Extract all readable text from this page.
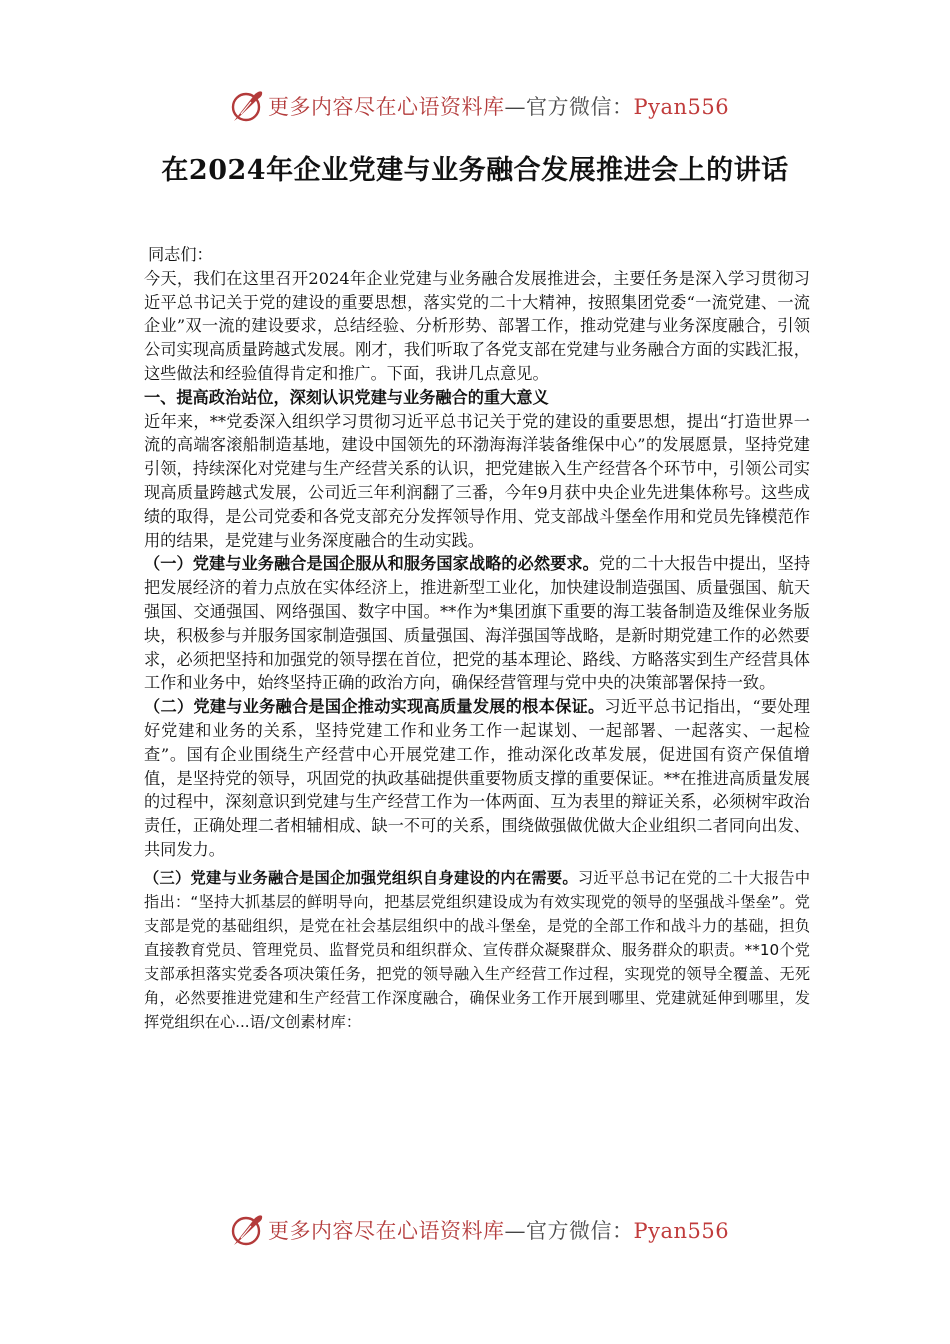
更多内容尽在心语资料库—官方微信：Pyan556
在2024年企业党建与业务融合发展推进会上的讲话

同志们：

今天，我们在这里召开2024年企业党建与业务融合发展推进会，主要任务是深入学习贯彻习近平总书记关于党的建设的重要思想，落实党的二十大精神，按照集团党委“一流党建、一流企业”双一流的建设要求，总结经验、分析形势、部署工作，推动党建与业务深度融合，引领公司实现高质量跨越式发展。刚才，我们听取了各党支部在党建与业务融合方面的实践汇报，这些做法和经验值得肯定和推广。下面，我讲几点意见。

一、提高政治站位，深刻认识党建与业务融合的重大意义

近年来，**党委深入组织学习贯彻习近平总书记关于党的建设的重要思想，提出“打造世界一流的高端客滚船制造基地，建设中国领先的环渤海海洋装备维保中心”的发展愿景，坚持党建引领，持续深化对党建与生产经营关系的认识，把党建嵌入生产经营各个环节中，引领公司实现高质量跨越式发展，公司近三年利润翻了三番，今年9月获中央企业先进集体称号。这些成绩的取得，是公司党委和各党支部充分发挥领导作用、党支部战斗堡垒作用和党员先锋模范作用的结果，是党建与业务深度融合的生动实践。

（一）党建与业务融合是国企服从和服务国家战略的必然要求。党的二十大报告中提出，坚持把发展经济的着力点放在实体经济上，推进新型工业化，加快建设制造强国、质量强国、航天强国、交通强国、网络强国、数字中国。**作为*集团旗下重要的海工装备制造及维保业务版块，积极参与并服务国家制造强国、质量强国、海洋强国等战略，是新时期党建工作的必然要求，必须把坚持和加强党的领导摆在首位，把党的基本理论、路线、方略落实到生产经营具体工作和业务中，始终坚持正确的政治方向，确保经营管理与党中央的决策部署保持一致。

（二）党建与业务融合是国企推动实现高质量发展的根本保证。习近平总书记指出，“要处理好党建和业务的关系，坚持党建工作和业务工作一起谋划、一起部署、一起落实、一起检查”。国有企业围绕生产经营中心开展党建工作，推动深化改革发展，促进国有资产保值增值，是坚持党的领导，巩固党的执政基础提供重要物质支撑的重要保证。**在推进高质量发展的过程中，深刻意识到党建与生产经营工作为一体两面、互为表里的辩证关系，必须树牢政治责任，正确处理二者相辅相成、缺一不可的关系，围绕做强做优做大企业组织二者同向出发、共同发力。

（三）党建与业务融合是国企加强党组织自身建设的内在需要。习近平总书记在党的二十大报告中指出：“坚持大抓基层的鲜明导向，把基层党组织建设成为有效实现党的领导的坚强战斗堡垒”。党支部是党的基础组织，是党在社会基层组织中的战斗堡垒，是党的全部工作和战斗力的基础，担负直接教育党员、管理党员、监督党员和组织群众、宣传群众凝聚群众、服务群众的职责。**10个党支部承担落实党委各项决策任务，把党的领导融入生产经营工作过程，实现党的领导全覆盖、无死角，必然要推进党建和生产经营工作深度融合，确保业务工作开展到哪里、党建就延伸到哪里，发挥党组织在心...语/文创素材库：

更多内容尽在心语资料库—官方微信：Pyan556
